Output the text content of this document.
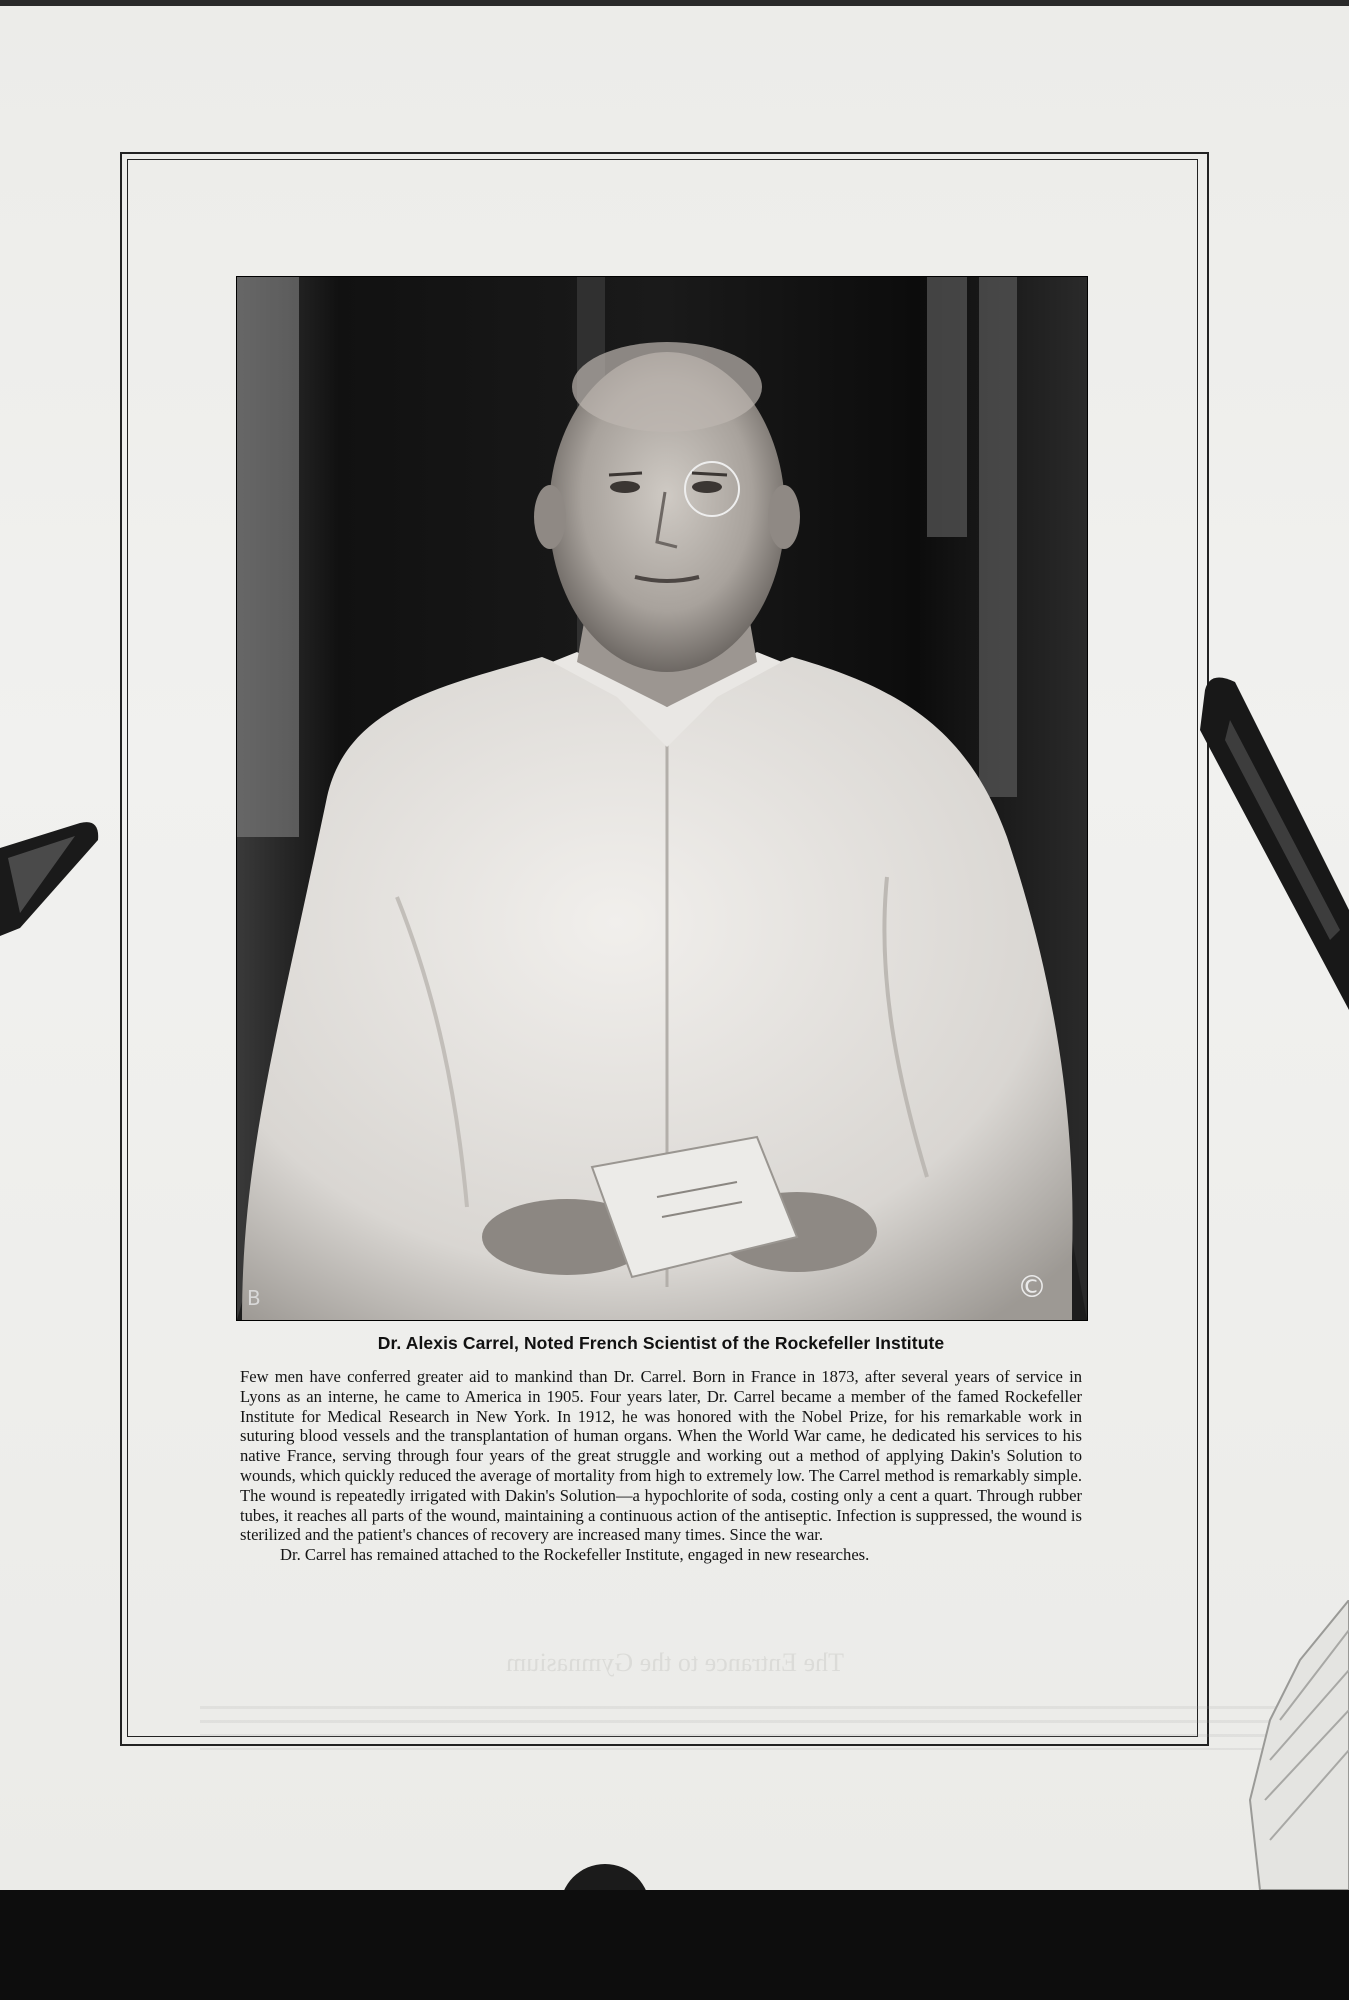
B	©
Dr. Alexis Carrel, Noted French Scientist of the Rockefeller Institute

Few men have conferred greater aid to mankind than Dr. Carrel. Born in France in 1873, after several years of service in Lyons as an interne, he came to America in 1905. Four years later, Dr. Carrel became a member of the famed Rockefeller Institute for Medical Research in New York. In 1912, he was honored with the Nobel Prize, for his remarkable work in suturing blood vessels and the transplantation of human organs. When the World War came, he dedicated his services to his native France, serving through four years of the great struggle and working out a method of applying Dakin's Solution to wounds, which quickly reduced the average of mortality from high to extremely low. The Carrel method is remarkably simple. The wound is repeatedly irrigated with Dakin's Solution—a hypochlorite of soda, costing only a cent a quart. Through rubber tubes, it reaches all parts of the wound, maintaining a continuous action of the antiseptic. Infection is suppressed, the wound is sterilized and the patient's chances of recovery are increased many times. Since the war.

Dr. Carrel has remained attached to the Rockefeller Institute, engaged in new researches.

The Entrance to the Gymnasium
